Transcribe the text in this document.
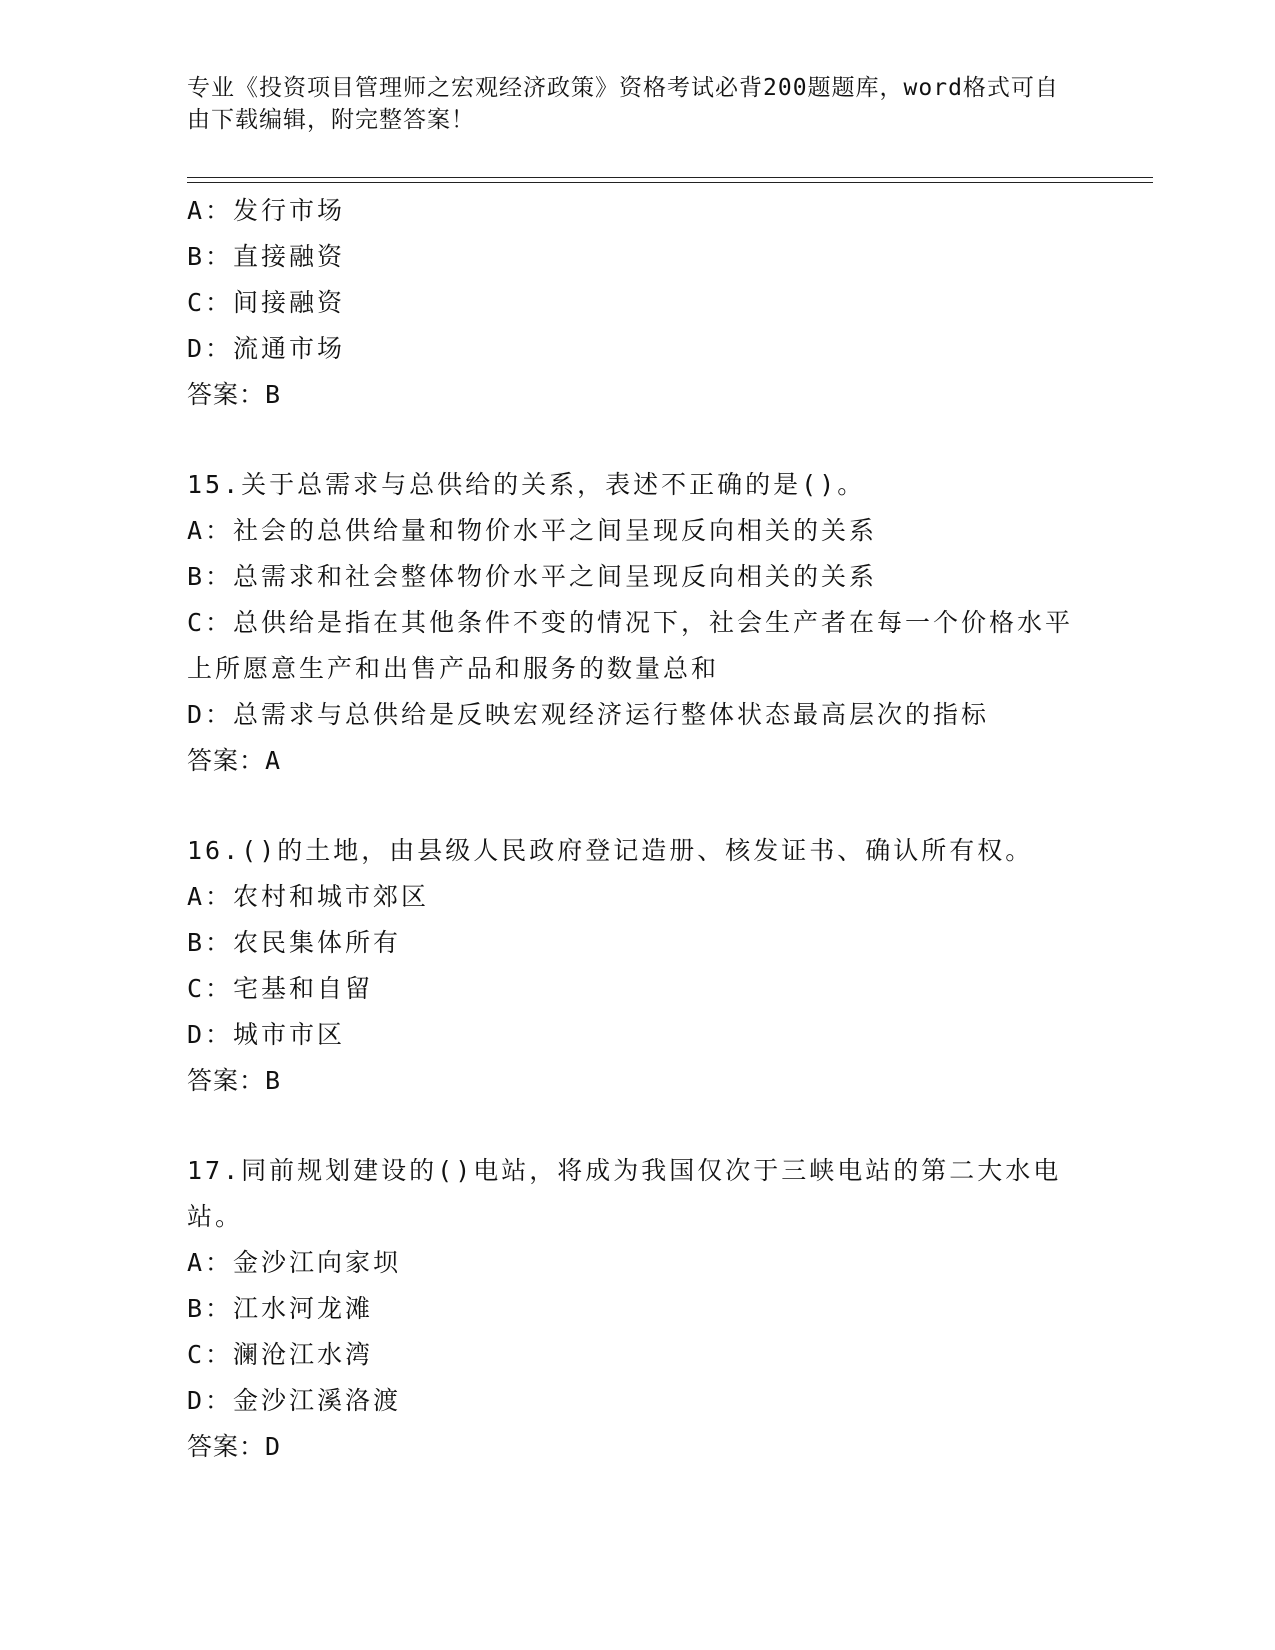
专业《投资项目管理师之宏观经济政策》资格考试必背200题题库，word格式可自由下载编辑，附完整答案！
A：发行市场
B：直接融资
C：间接融资
D：流通市场
答案：B
15.关于总需求与总供给的关系，表述不正确的是()。
A：社会的总供给量和物价水平之间呈现反向相关的关系
B：总需求和社会整体物价水平之间呈现反向相关的关系
C：总供给是指在其他条件不变的情况下，社会生产者在每一个价格水平上所愿意生产和出售产品和服务的数量总和
D：总需求与总供给是反映宏观经济运行整体状态最高层次的指标
答案：A
16.()的土地，由县级人民政府登记造册、核发证书、确认所有权。
A：农村和城市郊区
B：农民集体所有
C：宅基和自留
D：城市市区
答案：B
17.同前规划建设的()电站，将成为我国仅次于三峡电站的第二大水电站。
A：金沙江向家坝
B：江水河龙滩
C：澜沧江水湾
D：金沙江溪洛渡
答案：D
